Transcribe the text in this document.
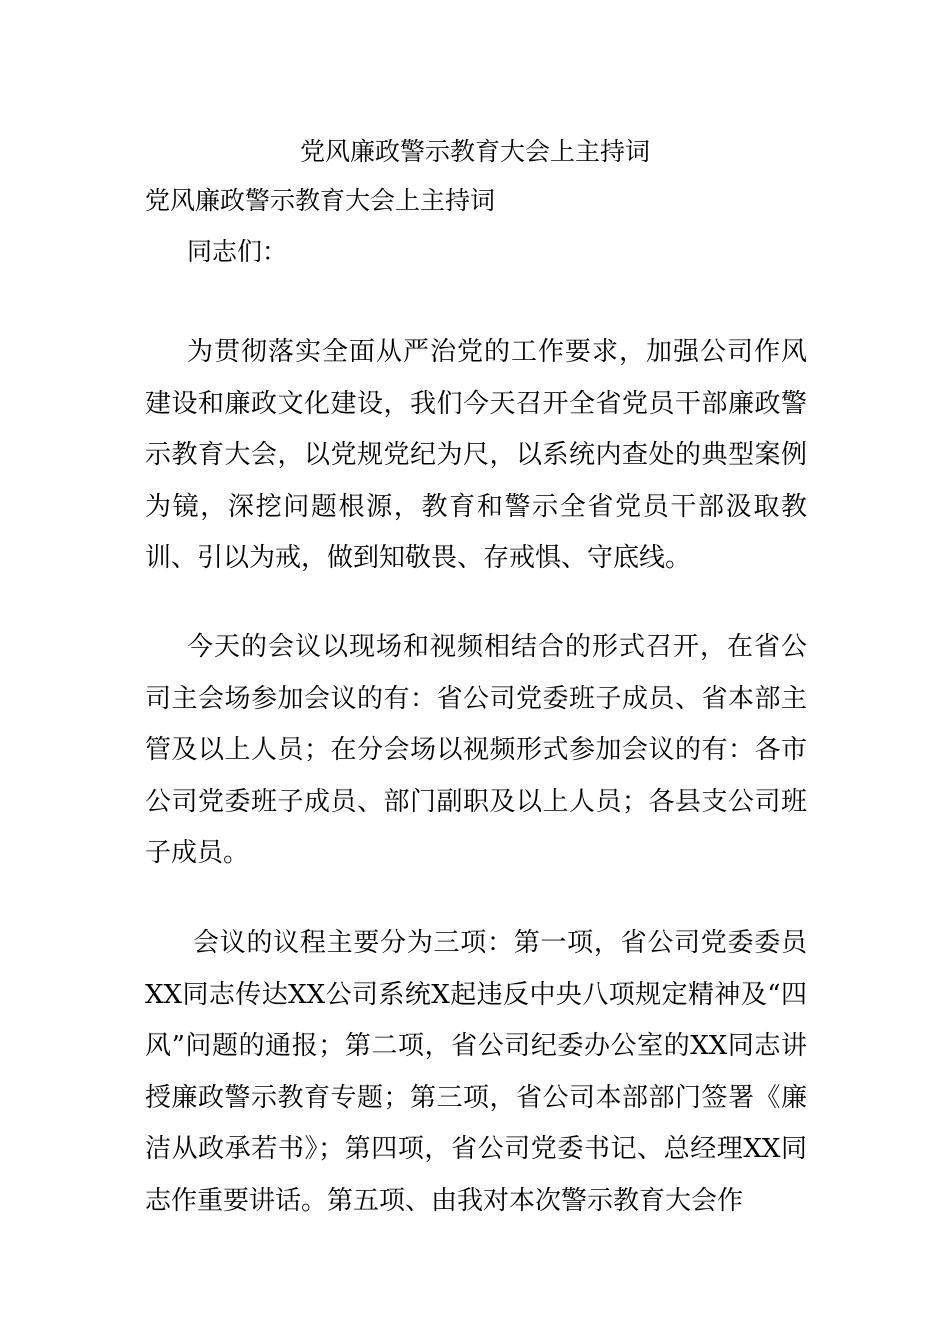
党风廉政警示教育大会上主持词
党风廉政警示教育大会上主持词
同志们：

为贯彻落实全面从严治党的工作要求，加强公司作风建设和廉政文化建设，我们今天召开全省党员干部廉政警示教育大会，以党规党纪为尺，以系统内查处的典型案例为镜，深挖问题根源，教育和警示全省党员干部汲取教训、引以为戒，做到知敬畏、存戒惧、守底线。

今天的会议以现场和视频相结合的形式召开，在省公司主会场参加会议的有：省公司党委班子成员、省本部主管及以上人员；在分会场以视频形式参加会议的有：各市公司党委班子成员、部门副职及以上人员；各县支公司班子成员。

会议的议程主要分为三项：第一项，省公司党委委员XX同志传达XX公司系统X起违反中央八项规定精神及“四风”问题的通报；第二项，省公司纪委办公室的XX同志讲授廉政警示教育专题；第三项，省公司本部部门签署《廉洁从政承若书》；第四项，省公司党委书记、总经理XX同志作重要讲话。第五项、由我对本次警示教育大会作
